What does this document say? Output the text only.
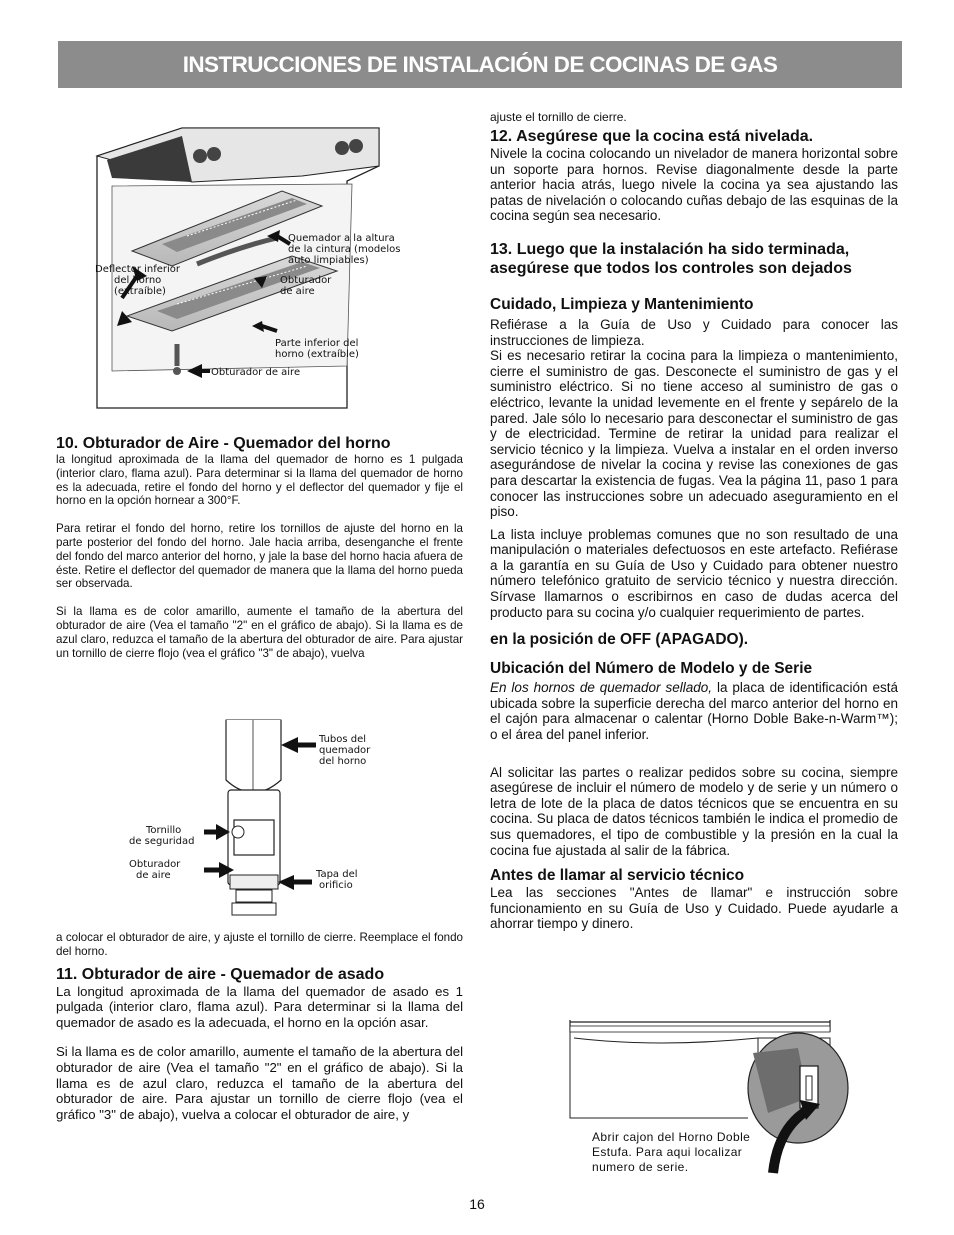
INSTRUCCIONES DE INSTALACIÓN DE COCINAS DE GAS
Quemador a la altura de la cintura (modelos auto limpiables)
Deflector inferior del horno (extraíble)
Obturador de aire
Parte inferior del horno (extraíble)
Obturador de aire

10. Obturador de Aire - Quemador del horno

la longitud aproximada de la llama del quemador de horno es 1 pulgada (interior claro, flama azul). Para determinar si la llama del quemador de horno es la adecuada, retire el fondo del horno y el deflector del quemador y fije el horno en la opción hornear a 300°F.

Para retirar el fondo del horno, retire los tornillos de ajuste del horno en la parte posterior del fondo del horno. Jale hacia arriba, desenganche el frente del fondo del marco anterior del horno, y jale la base del horno hacia afuera de éste. Retire el deflector del quemador de manera que la llama del horno pueda ser observada.

Si la llama es de color amarillo, aumente el tamaño de la abertura del obturador de aire (Vea el tamaño "2" en el gráfico de abajo). Si la llama es de azul claro, reduzca el tamaño de la abertura del obturador de aire. Para ajustar un tornillo de cierre flojo (vea el gráfico "3" de abajo), vuelva

Tubos del quemador del horno
Tornillo de seguridad
Obturador de aire	Tapa del orificio

a colocar el obturador de aire, y ajuste el tornillo de cierre. Reemplace el fondo del horno.

11. Obturador de aire - Quemador de asado

La longitud aproximada de la llama del quemador de asado es 1 pulgada (interior claro, flama azul). Para determinar si la llama del quemador de asado es la adecuada, el horno en la opción asar.

Si la llama es de color amarillo, aumente el tamaño de la abertura del obturador de aire (Vea el tamaño "2" en el gráfico de abajo). Si la llama es de azul claro, reduzca el tamaño de la abertura del obturador de aire. Para ajustar un tornillo de cierre flojo (vea el gráfico "3" de abajo), vuelva a colocar el obturador de aire, y

ajuste el tornillo de cierre.

12. Asegúrese que la cocina está nivelada.

Nivele la cocina colocando un nivelador de manera horizontal sobre un soporte para hornos. Revise diagonalmente desde la parte anterior hacia atrás, luego nivele la cocina ya sea ajustando las patas de nivelación o colocando cuñas debajo de las esquinas de la cocina según sea necesario.

13. Luego que la instalación ha sido terminada, asegúrese que todos los controles son dejados

Cuidado, Limpieza y Mantenimiento

Refiérase a la Guía de Uso y Cuidado para conocer las instrucciones de limpieza.

Si es necesario retirar la cocina para la limpieza o mantenimiento, cierre el suministro de gas. Desconecte el suministro de gas y el suministro eléctrico. Si no tiene acceso al suministro de gas o eléctrico, levante la unidad levemente en el frente y sepárelo de la pared. Jale sólo lo necesario para desconectar el suministro de gas y de electricidad. Termine de retirar la unidad para realizar el servicio técnico y la limpieza. Vuelva a instalar en el orden inverso asegurándose de nivelar la cocina y revise las conexiones de gas para descartar la existencia de fugas. Vea la página 11, paso 1 para conocer las instrucciones sobre un adecuado aseguramiento en el piso.

La lista incluye problemas comunes que no son resultado de una manipulación o materiales defectuosos en este artefacto. Refiérase a la garantía en su Guía de Uso y Cuidado para obtener nuestro número telefónico gratuito de servicio técnico y nuestra dirección. Sírvase llamarnos o escribirnos en caso de dudas acerca del producto para su cocina y/o cualquier requerimiento de partes.

en la posición de OFF (APAGADO).

Ubicación del Número de Modelo y de Serie

En los hornos de quemador sellado, la placa de identificación está ubicada sobre la superficie derecha del marco anterior del horno en el cajón para almacenar o calentar (Horno Doble Bake-n-Warm™); o el área del panel inferior.

Al solicitar las partes o realizar pedidos sobre su cocina, siempre asegúrese de incluir el número de modelo y de serie y un número o letra de lote de la placa de datos técnicos que se encuentra en su cocina. Su placa de datos técnicos también le indica el promedio de sus quemadores, el tipo de combustible y la presión en la cual la cocina fue ajustada al salir de la fábrica.

Antes de llamar al servicio técnico

Lea las secciones "Antes de llamar" e instrucción sobre funcionamiento en su Guía de Uso y Cuidado. Puede ayudarle a ahorrar tiempo y dinero.

Abrir cajon del Horno Doble
Estufa. Para aqui localizar
numero de serie.
16
